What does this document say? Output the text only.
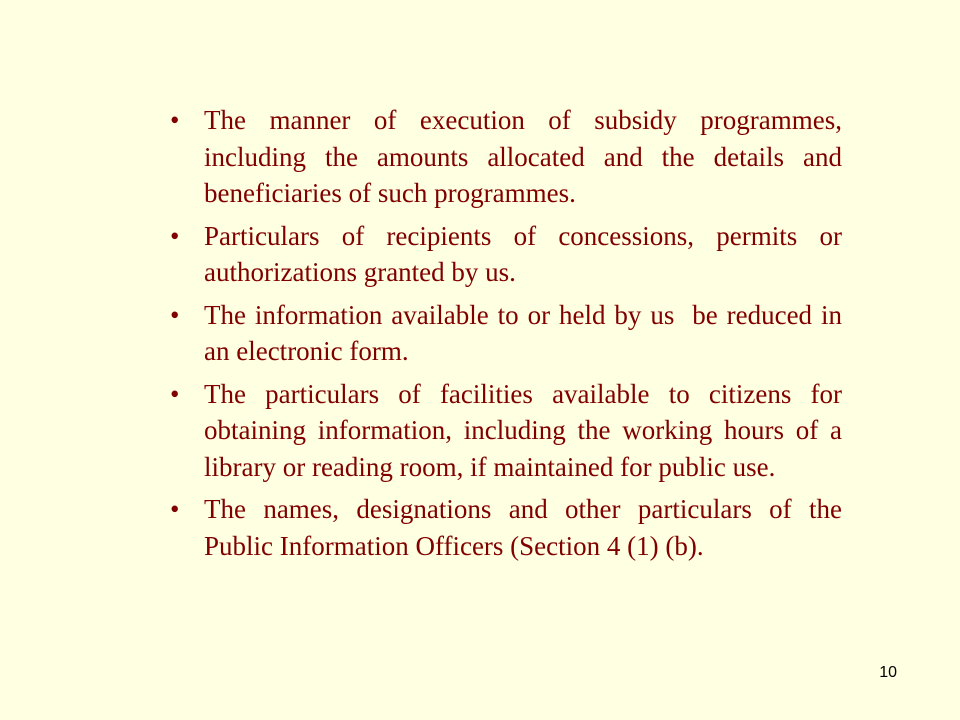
• The manner of execution of subsidy programmes, including the amounts allocated and the details and beneficiaries of such programmes.
• Particulars of recipients of concessions, permits or authorizations granted by us.
• The information available to or held by us  be reduced in an electronic form.
• The particulars of facilities available to citizens for obtaining information, including the working hours of a library or reading room, if maintained for public use.
• The names, designations and other particulars of the Public Information Officers (Section 4 (1) (b).
10
